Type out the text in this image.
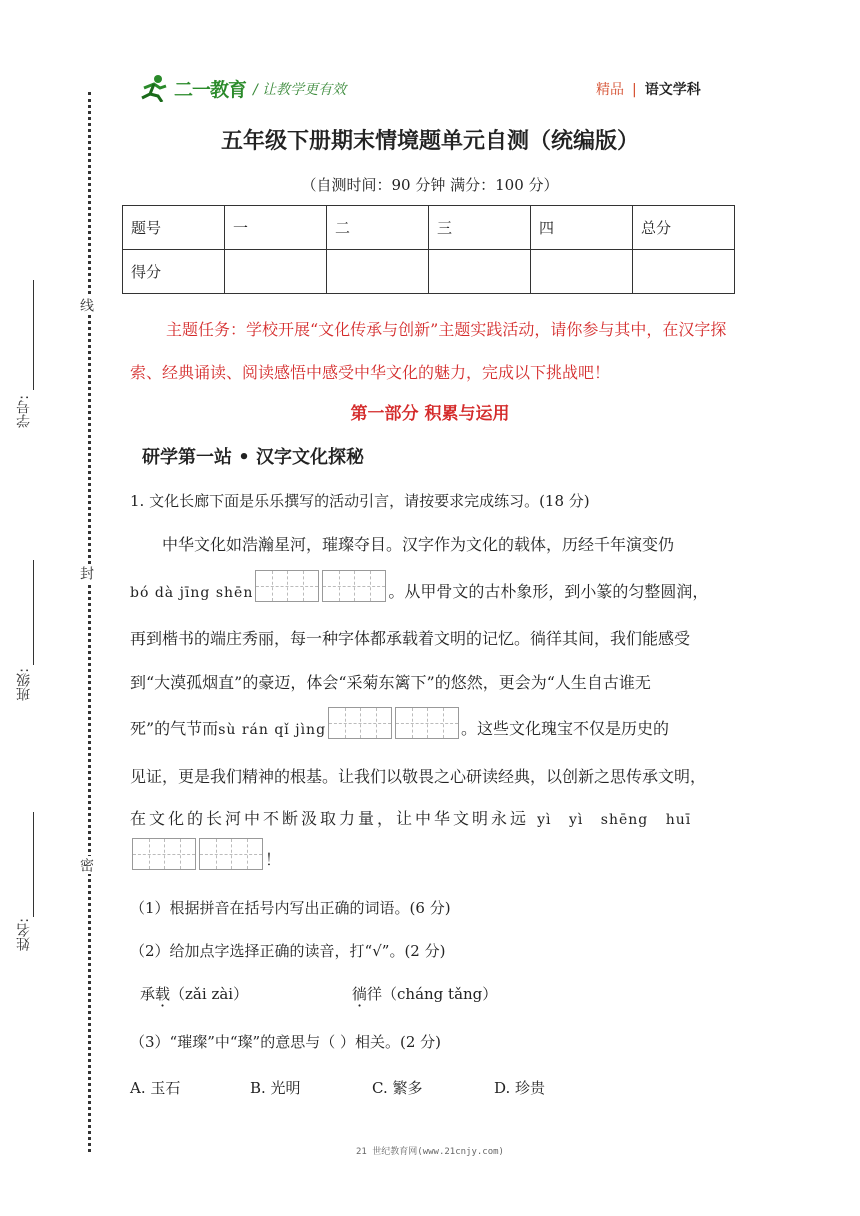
学号:
班级:
姓名:
线
封
密
二一教育 / 让教学更有效	精品 | 语文学科
五年级下册期末情境题单元自测（统编版）
（自测时间：90 分钟 满分：100 分）
题号	一	二	三	四	总分
得分					
主题任务：学校开展“文化传承与创新”主题实践活动，请你参与其中，在汉字探索、经典诵读、阅读感悟中感受中华文化的魅力，完成以下挑战吧！
第一部分 积累与运用
研学第一站 • 汉字文化探秘
1. 文化长廊下面是乐乐撰写的活动引言，请按要求完成练习。(18 分)
中华文化如浩瀚星河，璀璨夺目。汉字作为文化的载体，历经千年演变仍
bó dà jīng shēn	。从甲骨文的古朴象形，到小篆的匀整圆润，
再到楷书的端庄秀丽，每一种字体都承载着文明的记忆。徜徉其间，我们能感受
到“大漠孤烟直”的豪迈，体会“采菊东篱下”的悠然，更会为“人生自古谁无
死”的气节而sù rán qǐ jìng	。这些文化瑰宝不仅是历史的
见证，更是我们精神的根基。让我们以敬畏之心研读经典，以创新之思传承文明，
在文化的长河中不断汲取力量，让中华文明永远 yì yì shēng huī
！
（1）根据拼音在括号内写出正确的词语。(6 分)
（2）给加点字选择正确的读音，打“√”。(2 分)
承载（zǎi zài）	徜徉（cháng tǎng）
（3）“璀璨”中“璨”的意思与（ ）相关。(2 分)
A. 玉石	B. 光明	C. 繁多	D. 珍贵
21 世纪教育网(www.21cnjy.com)
